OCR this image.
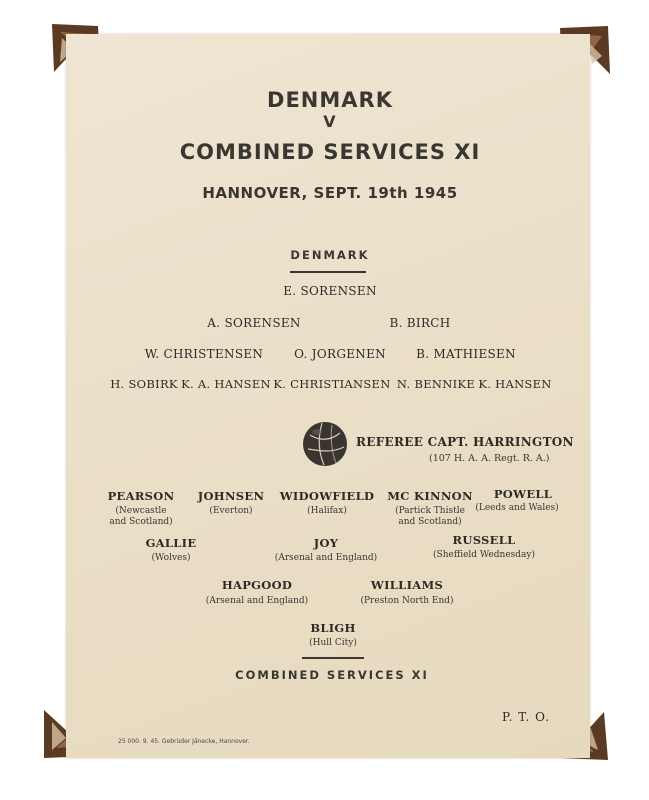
DENMARK
V
COMBINED SERVICES XI
HANNOVER, SEPT. 19th 1945
DENMARK
E. SORENSEN
A. SORENSEN	B. BIRCH
W. CHRISTENSEN	O. JORGENEN	B. MATHIESEN
H. SOBIRK K. A. HANSEN K. CHRISTIANSEN N. BENNIKE K. HANSEN
REFEREE CAPT. HARRINGTON
(107 H. A. A. Regt. R. A.)
PEARSON
(Newcastle and Scotland)
JOHNSEN
(Everton)
WIDOWFIELD
(Halifax)
MC KINNON
(Partick Thistle and Scotland)
POWELL
(Leeds and Wales)
GALLIE
(Wolves)
JOY
(Arsenal and England)
RUSSELL
(Sheffield Wednesday)
HAPGOOD
(Arsenal and England)
WILLIAMS
(Preston North End)
BLIGH
(Hull City)
COMBINED SERVICES XI
P. T. O.
25 000. 9. 45. Gebrüder Jänecke, Hannover.
